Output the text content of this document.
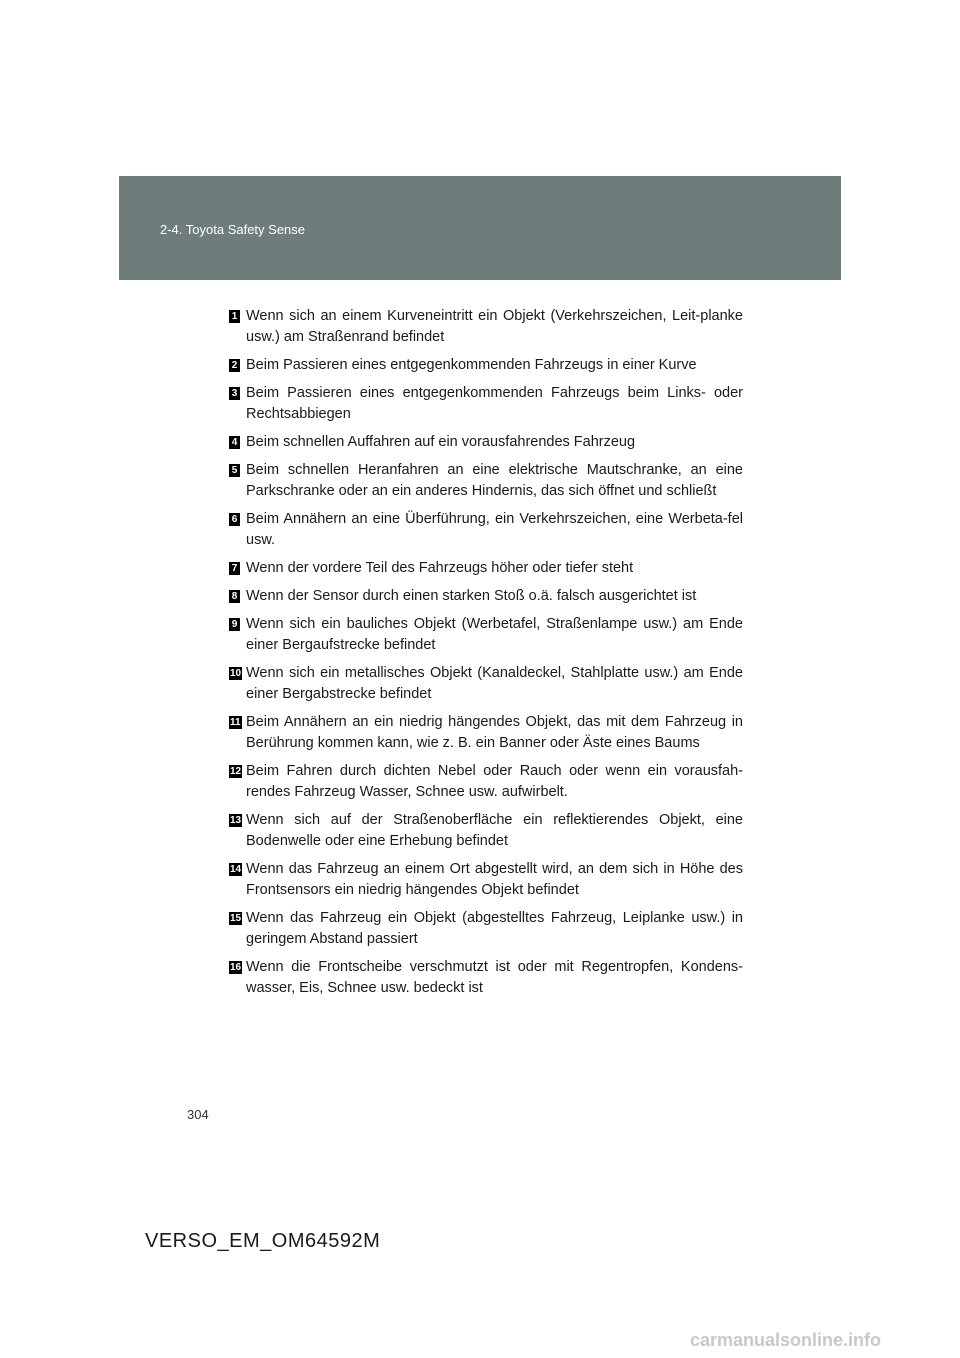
2-4. Toyota Safety Sense
1 Wenn sich an einem Kurveneintritt ein Objekt (Verkehrszeichen, Leit-planke usw.) am Straßenrand befindet
2 Beim Passieren eines entgegenkommenden Fahrzeugs in einer Kurve
3 Beim Passieren eines entgegenkommenden Fahrzeugs beim Links- oder Rechtsabbiegen
4 Beim schnellen Auffahren auf ein vorausfahrendes Fahrzeug
5 Beim schnellen Heranfahren an eine elektrische Mautschranke, an eine Parkschranke oder an ein anderes Hindernis, das sich öffnet und schließt
6 Beim Annähern an eine Überführung, ein Verkehrszeichen, eine Werbeta-fel usw.
7 Wenn der vordere Teil des Fahrzeugs höher oder tiefer steht
8 Wenn der Sensor durch einen starken Stoß o.ä. falsch ausgerichtet ist
9 Wenn sich ein bauliches Objekt (Werbetafel, Straßenlampe usw.) am Ende einer Bergaufstrecke befindet
10 Wenn sich ein metallisches Objekt (Kanaldeckel, Stahlplatte usw.) am Ende einer Bergabstrecke befindet
11 Beim Annähern an ein niedrig hängendes Objekt, das mit dem Fahrzeug in Berührung kommen kann, wie z. B. ein Banner oder Äste eines Baums
12 Beim Fahren durch dichten Nebel oder Rauch oder wenn ein vorausfah-rendes Fahrzeug Wasser, Schnee usw. aufwirbelt.
13 Wenn sich auf der Straßenoberfläche ein reflektierendes Objekt, eine Bodenwelle oder eine Erhebung befindet
14 Wenn das Fahrzeug an einem Ort abgestellt wird, an dem sich in Höhe des Frontsensors ein niedrig hängendes Objekt befindet
15 Wenn das Fahrzeug ein Objekt (abgestelltes Fahrzeug, Leiplanke usw.) in geringem Abstand passiert
16 Wenn die Frontscheibe verschmutzt ist oder mit Regentropfen, Kondens-wasser, Eis, Schnee usw. bedeckt ist
304
VERSO_EM_OM64592M
carmanualsonline.info
